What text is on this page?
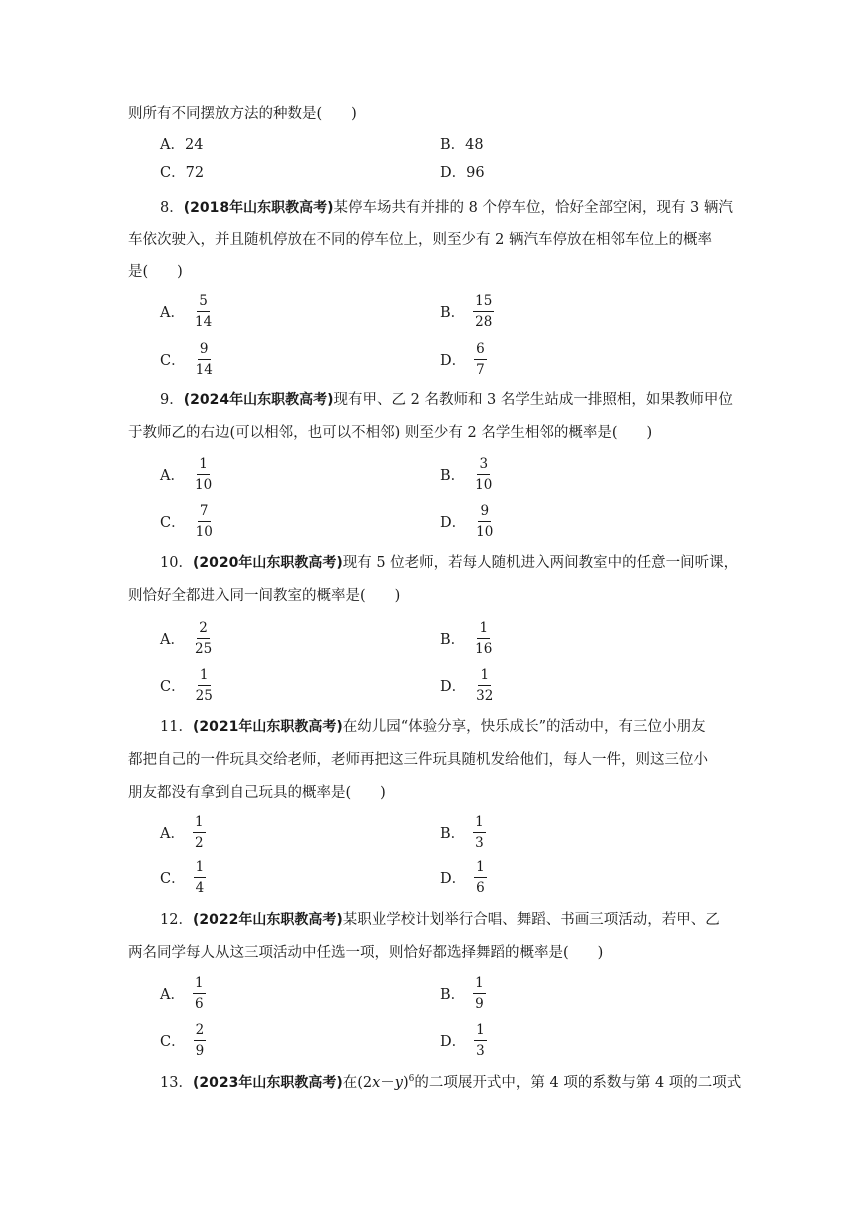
则所有不同摆放方法的种数是(　　)
A．24	B．48
C．72	D．96
8．(2018年山东职教高考)某停车场共有并排的 8 个停车位，恰好全部空闲，现有 3 辆汽
车依次驶入，并且随机停放在不同的停车位上，则至少有 2 辆汽车停放在相邻车位上的概率
是(　　)
A． $\frac{5}{14}$	B． $\frac{15}{28}$
C． $\frac{9}{14}$	D． $\frac{6}{7}$
9．(2024年山东职教高考)现有甲、乙 2 名教师和 3 名学生站成一排照相，如果教师甲位
于教师乙的右边(可以相邻，也可以不相邻) 则至少有 2 名学生相邻的概率是(　　)
A． $\frac{1}{10}$	B． $\frac{3}{10}$
C． $\frac{7}{10}$	D． $\frac{9}{10}$
10．(2020年山东职教高考)现有 5 位老师，若每人随机进入两间教室中的任意一间听课，
则恰好全都进入同一间教室的概率是(　　)
A． $\frac{2}{25}$	B． $\frac{1}{16}$
C． $\frac{1}{25}$	D． $\frac{1}{32}$
11．(2021年山东职教高考)在幼儿园“体验分享，快乐成长”的活动中，有三位小朋友
都把自己的一件玩具交给老师，老师再把这三件玩具随机发给他们，每人一件，则这三位小
朋友都没有拿到自己玩具的概率是(　　)
A． $\frac{1}{2}$	B． $\frac{1}{3}$
C． $\frac{1}{4}$	D． $\frac{1}{6}$
12．(2022年山东职教高考)某职业学校计划举行合唱、舞蹈、书画三项活动，若甲、乙
两名同学每人从这三项活动中任选一项，则恰好都选择舞蹈的概率是(　　)
A． $\frac{1}{6}$	B． $\frac{1}{9}$
C． $\frac{2}{9}$	D． $\frac{1}{3}$
13．(2023年山东职教高考)在$(2x-y)^6$的二项展开式中，第 4 项的系数与第 4 项的二项式
